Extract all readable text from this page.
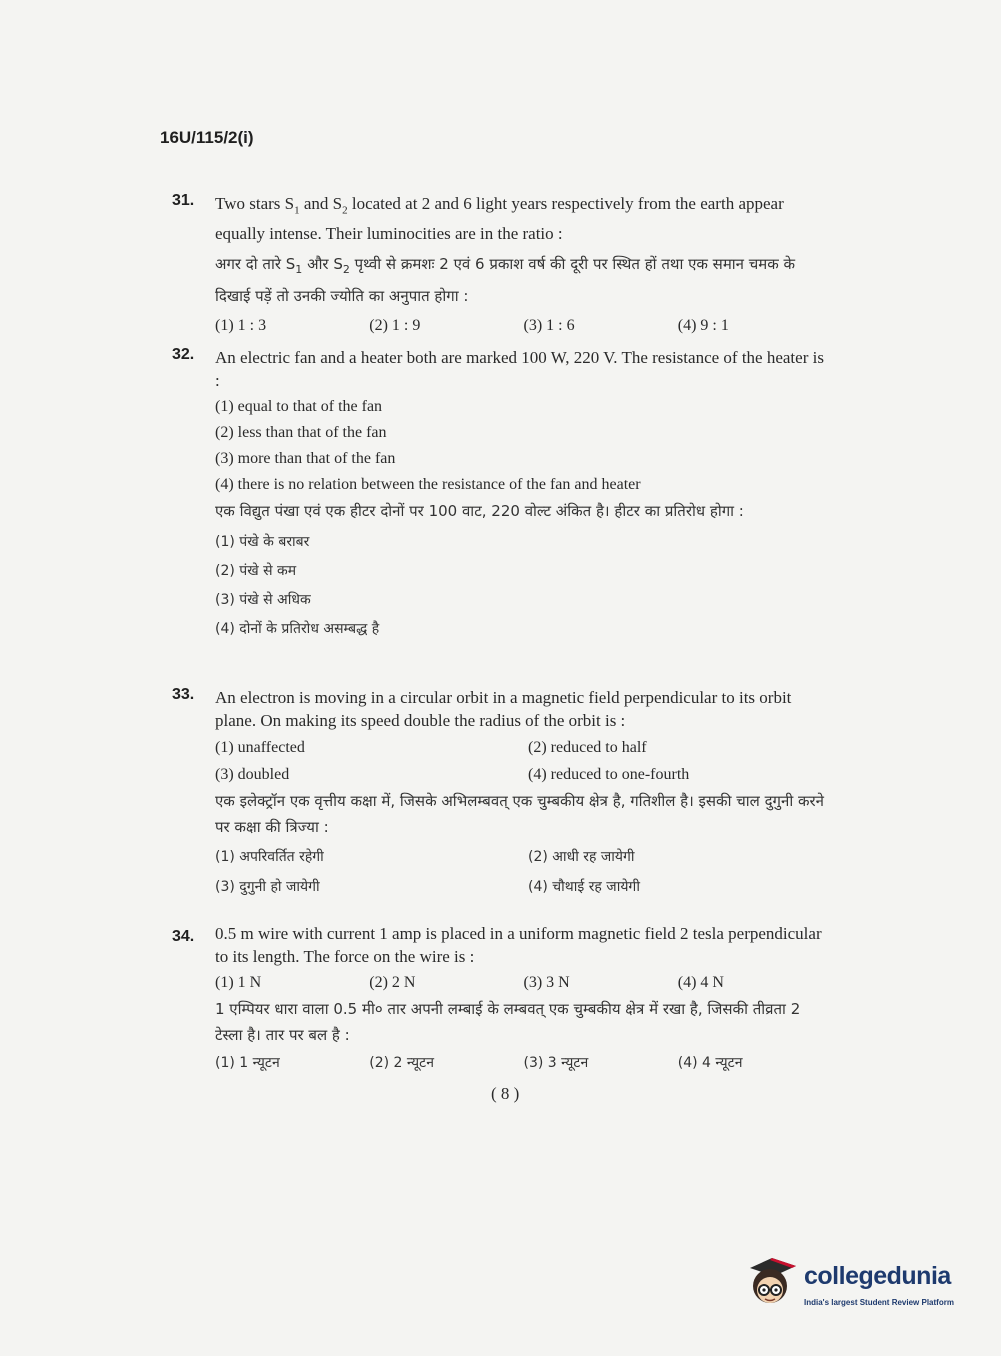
16U/115/2(i)
31. Two stars $S_1$ and $S_2$ located at 2 and 6 light years respectively from the earth appear equally intense. Their luminocities are in the ratio :
अगर दो तारे $S_1$ और $S_2$ पृथ्वी से क्रमशः 2 एवं 6 प्रकाश वर्ष की दूरी पर स्थित हों तथा एक समान चमक के दिखाई पड़ें तो उनकी ज्योति का अनुपात होगा :
(1) 1 : 3	(2) 1 : 9	(3) 1 : 6	(4) 9 : 1
32. An electric fan and a heater both are marked 100 W, 220 V. The resistance of the heater is :
(1) equal to that of the fan
(2) less than that of the fan
(3) more than that of the fan
(4) there is no relation between the resistance of the fan and heater
एक विद्युत पंखा एवं एक हीटर दोनों पर 100 वाट, 220 वोल्ट अंकित है। हीटर का प्रतिरोध होगा :
(1) पंखे के बराबर
(2) पंखे से कम
(3) पंखे से अधिक
(4) दोनों के प्रतिरोध असम्बद्ध है
33. An electron is moving in a circular orbit in a magnetic field perpendicular to its orbit plane. On making its speed double the radius of the orbit is :
(1) unaffected	(2) reduced to half
(3) doubled	(4) reduced to one-fourth
एक इलेक्ट्रॉन एक वृत्तीय कक्षा में, जिसके अभिलम्बवत् एक चुम्बकीय क्षेत्र है, गतिशील है। इसकी चाल दुगुनी करने पर कक्षा की त्रिज्या :
(1) अपरिवर्तित रहेगी	(2) आधी रह जायेगी
(3) दुगुनी हो जायेगी	(4) चौथाई रह जायेगी
34. 0.5 m wire with current 1 amp is placed in a uniform magnetic field 2 tesla perpendicular to its length. The force on the wire is :
(1) 1 N	(2) 2 N	(3) 3 N	(4) 4 N
1 एम्पियर धारा वाला 0.5 मी० तार अपनी लम्बाई के लम्बवत् एक चुम्बकीय क्षेत्र में रखा है, जिसकी तीव्रता 2 टेस्ला है। तार पर बल है :
(1) 1 न्यूटन	(2) 2 न्यूटन	(3) 3 न्यूटन	(4) 4 न्यूटन
( 8 )
collegedunia
India's largest Student Review Platform
